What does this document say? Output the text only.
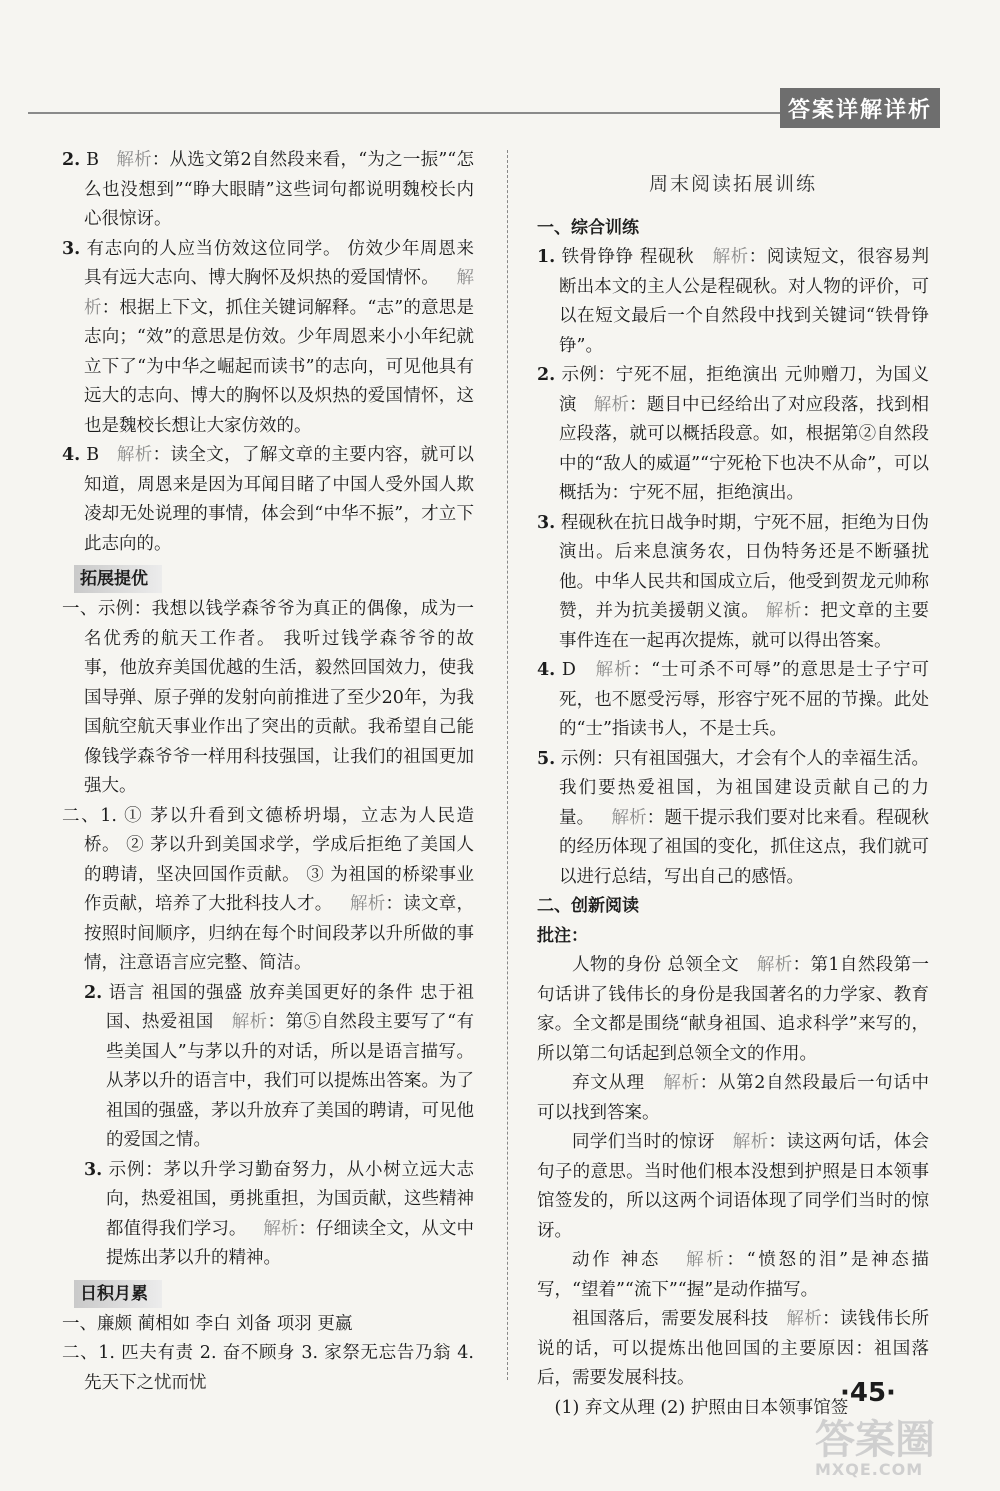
答案详解详析

2. B 解析：从选文第2自然段来看，“为之一振”“怎么也没想到”“睁大眼睛”这些词句都说明魏校长内心很惊讶。

3. 有志向的人应当仿效这位同学。 仿效少年周恩来具有远大志向、博大胸怀及炽热的爱国情怀。 解析：根据上下文，抓住关键词解释。“志”的意思是志向；“效”的意思是仿效。少年周恩来小小年纪就立下了“为中华之崛起而读书”的志向，可见他具有远大的志向、博大的胸怀以及炽热的爱国情怀，这也是魏校长想让大家仿效的。

4. B 解析：读全文，了解文章的主要内容，就可以知道，周恩来是因为耳闻目睹了中国人受外国人欺凌却无处说理的事情，体会到“中华不振”，才立下此志向的。

拓展提优

一、示例：我想以钱学森爷爷为真正的偶像，成为一名优秀的航天工作者。 我听过钱学森爷爷的故事，他放弃美国优越的生活，毅然回国效力，使我国导弹、原子弹的发射向前推进了至少20年，为我国航空航天事业作出了突出的贡献。我希望自己能像钱学森爷爷一样用科技强国，让我们的祖国更加强大。

二、1. ① 茅以升看到文德桥坍塌，立志为人民造桥。 ② 茅以升到美国求学，学成后拒绝了美国人的聘请，坚决回国作贡献。 ③ 为祖国的桥梁事业作贡献，培养了大批科技人才。 解析：读文章，按照时间顺序，归纳在每个时间段茅以升所做的事情，注意语言应完整、简洁。

2. 语言 祖国的强盛 放弃美国更好的条件 忠于祖国、热爱祖国 解析：第⑤自然段主要写了“有些美国人”与茅以升的对话，所以是语言描写。从茅以升的语言中，我们可以提炼出答案。为了祖国的强盛，茅以升放弃了美国的聘请，可见他的爱国之情。

3. 示例：茅以升学习勤奋努力，从小树立远大志向，热爱祖国，勇挑重担，为国贡献，这些精神都值得我们学习。 解析：仔细读全文，从文中提炼出茅以升的精神。

日积月累

一、廉颇 蔺相如 李白 刘备 项羽 更嬴

二、1. 匹夫有责 2. 奋不顾身 3. 家祭无忘告乃翁 4. 先天下之忧而忧

周末阅读拓展训练
一、综合训练

1. 铁骨铮铮 程砚秋 解析：阅读短文，很容易判断出本文的主人公是程砚秋。对人物的评价，可以在短文最后一个自然段中找到关键词“铁骨铮铮”。

2. 示例：宁死不屈，拒绝演出 元帅赠刀，为国义演 解析：题目中已经给出了对应段落，找到相应段落，就可以概括段意。如，根据第②自然段中的“敌人的威逼”“宁死枪下也决不从命”，可以概括为：宁死不屈，拒绝演出。

3. 程砚秋在抗日战争时期，宁死不屈，拒绝为日伪演出。后来息演务农，日伪特务还是不断骚扰他。中华人民共和国成立后，他受到贺龙元帅称赞，并为抗美援朝义演。 解析：把文章的主要事件连在一起再次提炼，就可以得出答案。

4. D 解析：“士可杀不可辱”的意思是士子宁可死，也不愿受污辱，形容宁死不屈的节操。此处的“士”指读书人，不是士兵。

5. 示例：只有祖国强大，才会有个人的幸福生活。我们要热爱祖国，为祖国建设贡献自己的力量。 解析：题干提示我们要对比来看。程砚秋的经历体现了祖国的变化，抓住这点，我们就可以进行总结，写出自己的感悟。

二、创新阅读
批注：

人物的身份 总领全文 解析：第1自然段第一句话讲了钱伟长的身份是我国著名的力学家、教育家。全文都是围绕“献身祖国、追求科学”来写的，所以第二句话起到总领全文的作用。

弃文从理 解析：从第2自然段最后一句话中可以找到答案。

同学们当时的惊讶 解析：读这两句话，体会句子的意思。当时他们根本没想到护照是日本领事馆签发的，所以这两个词语体现了同学们当时的惊讶。

动作 神态 解析：“愤怒的泪”是神态描写，“望着”“流下”“握”是动作描写。

祖国落后，需要发展科技 解析：读钱伟长所说的话，可以提炼出他回国的主要原因：祖国落后，需要发展科技。

(1) 弃文从理 (2) 护照由日本领事馆签

·45·
答案圈
MXQE.COM
